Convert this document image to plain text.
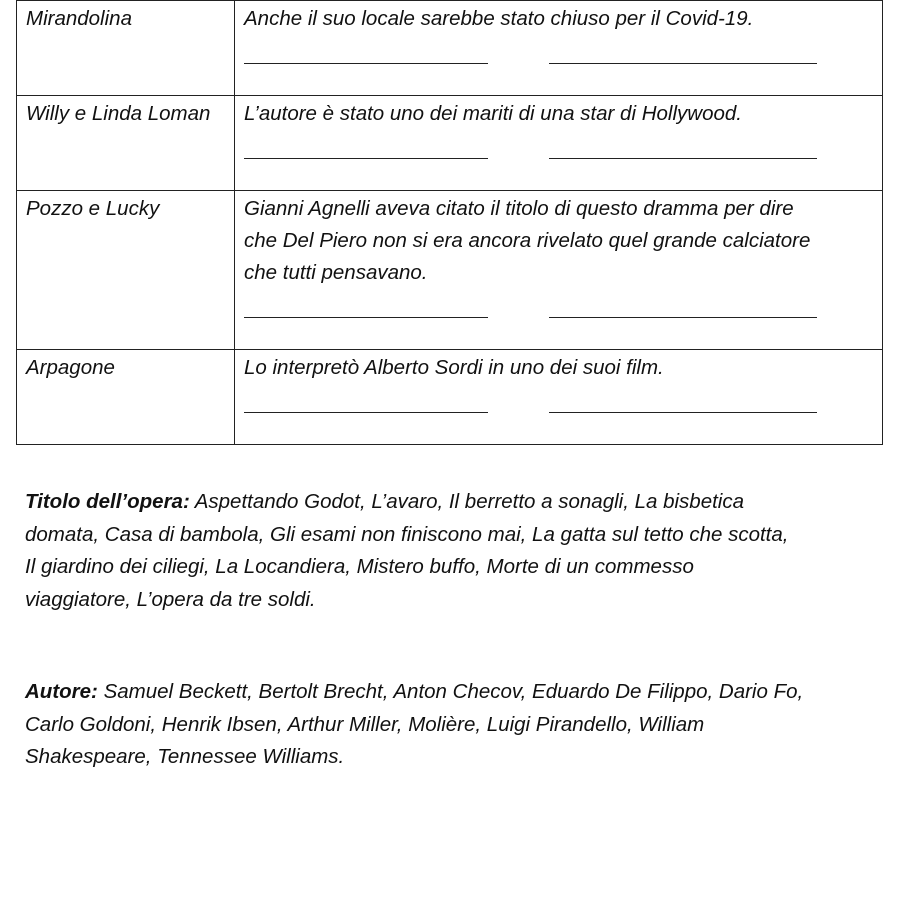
Mirandolina	Anche il suo locale sarebbe stato chiuso per il Covid-19.

Willy e Linda Loman	L’autore è stato uno dei mariti di una star di Hollywood.

Pozzo e Lucky	Gianni Agnelli aveva citato il titolo di questo dramma per dire
che Del Piero non si era ancora rivelato quel grande calciatore
che tutti pensavano.

Arpagone	Lo interpretò Alberto Sordi in uno dei suoi film.
Titolo dell’opera: Aspettando Godot, L’avaro, Il berretto a sonagli, La bisbetica
domata, Casa di bambola, Gli esami non finiscono mai, La gatta sul tetto che scotta,
Il giardino dei ciliegi, La Locandiera, Mistero buffo, Morte di un commesso
viaggiatore, L’opera da tre soldi.
Autore: Samuel Beckett, Bertolt Brecht, Anton Checov, Eduardo De Filippo, Dario Fo,
Carlo Goldoni, Henrik Ibsen, Arthur Miller, Molière, Luigi Pirandello, William
Shakespeare, Tennessee Williams.
